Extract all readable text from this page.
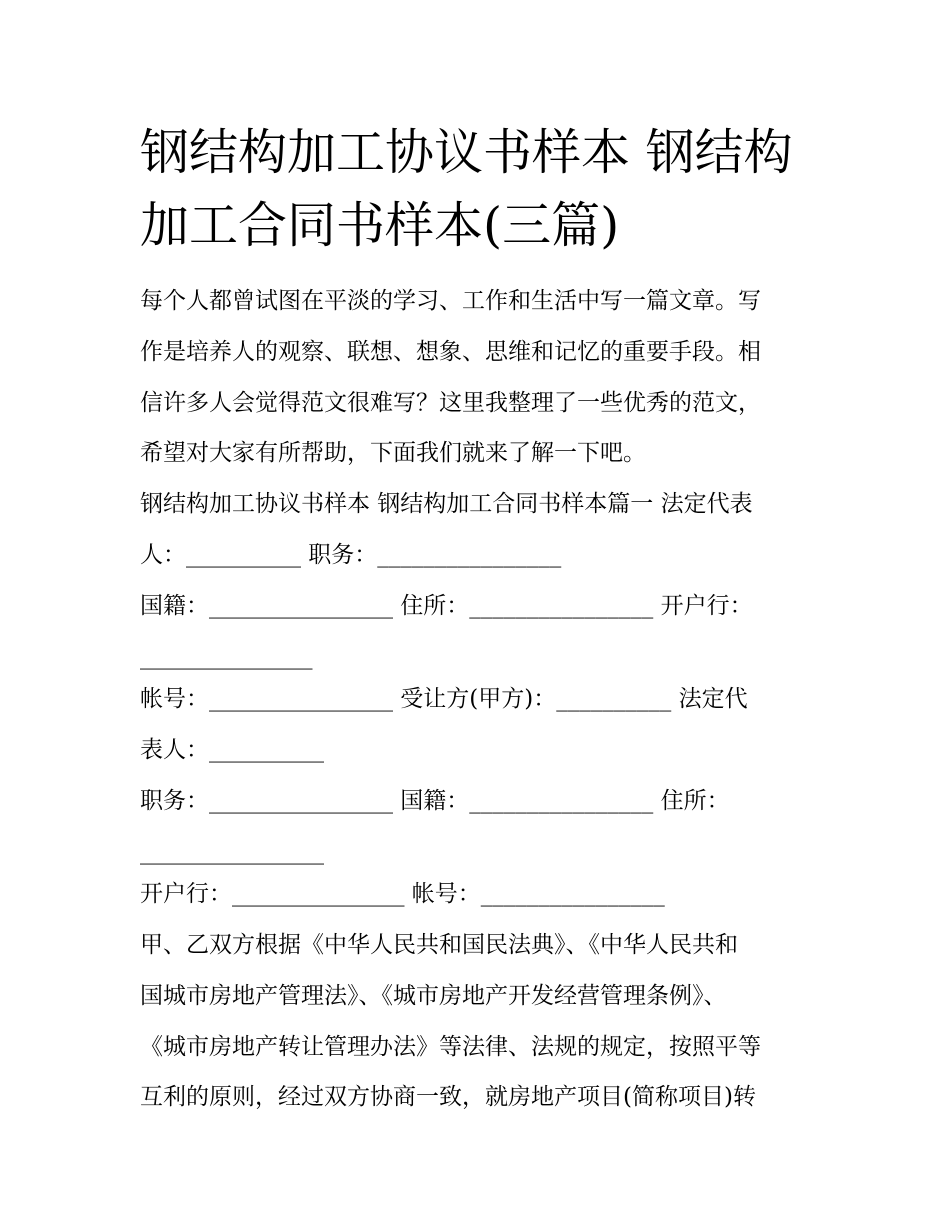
钢结构加工协议书样本 钢结构
加工合同书样本(三篇)

每个人都曾试图在平淡的学习、工作和生活中写一篇文章。写

作是培养人的观察、联想、想象、思维和记忆的重要手段。相

信许多人会觉得范文很难写？这里我整理了一些优秀的范文，

希望对大家有所帮助，下面我们就来了解一下吧。

钢结构加工协议书样本 钢结构加工合同书样本篇一 法定代表

人：__________ 职务：________________

国籍：________________ 住所：________________ 开户行：

_______________

帐号：________________ 受让方(甲方)：__________ 法定代

表人：__________

职务：________________ 国籍：________________ 住所：

________________

开户行：_______________ 帐号：________________

甲、乙双方根据《中华人民共和国民法典》、《中华人民共和

国城市房地产管理法》、《城市房地产开发经营管理条例》、

《城市房地产转让管理办法》等法律、法规的规定，按照平等

互利的原则，经过双方协商一致，就房地产项目(简称项目)转
